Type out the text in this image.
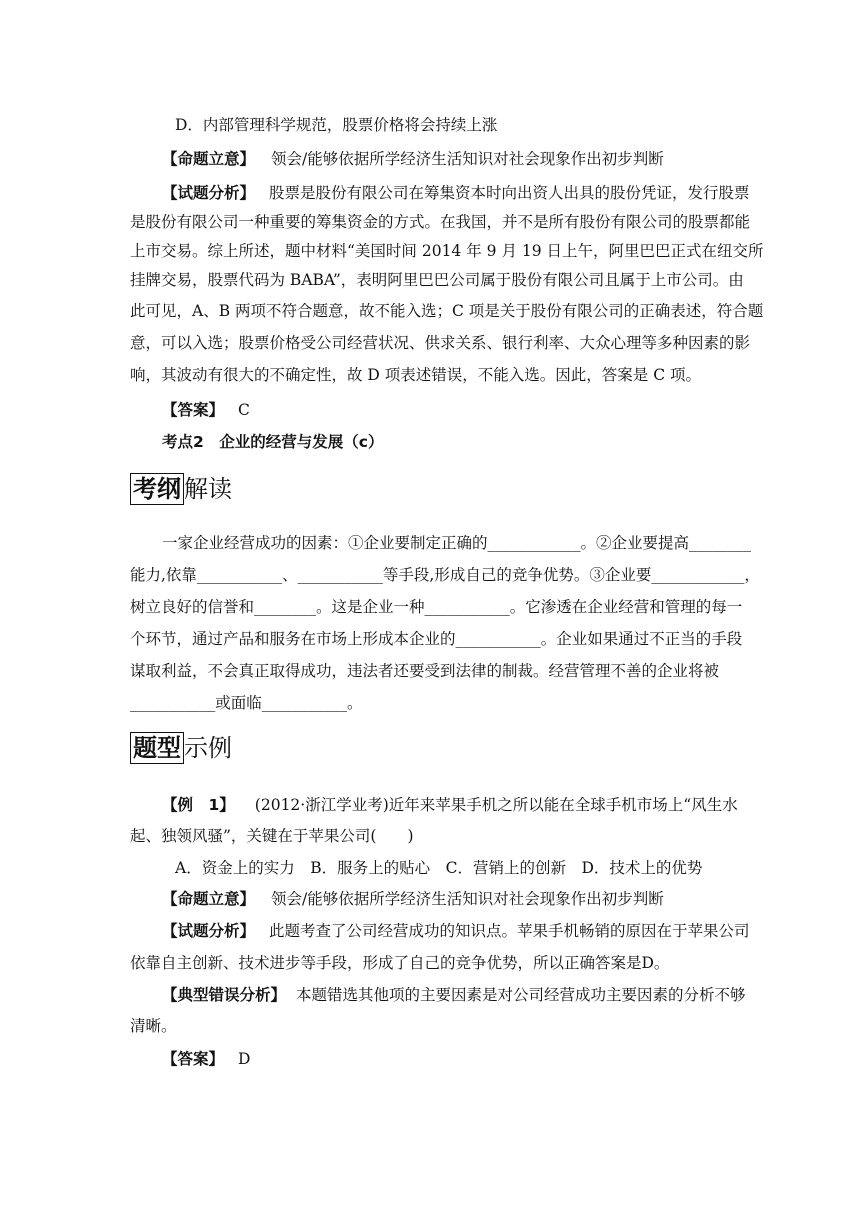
D．内部管理科学规范，股票价格将会持续上涨
【命题立意】 领会/能够依据所学经济生活知识对社会现象作出初步判断
【试题分析】 股票是股份有限公司在筹集资本时向出资人出具的股份凭证，发行股票
是股份有限公司一种重要的筹集资金的方式。在我国，并不是所有股份有限公司的股票都能
上市交易。综上所述，题中材料“美国时间 2014 年 9 月 19 日上午，阿里巴巴正式在纽交所
挂牌交易，股票代码为 BABA”，表明阿里巴巴公司属于股份有限公司且属于上市公司。由
此可见，A、B 两项不符合题意，故不能入选；C 项是关于股份有限公司的正确表述，符合题
意，可以入选；股票价格受公司经营状况、供求关系、银行利率、大众心理等多种因素的影
响，其波动有很大的不确定性，故 D 项表述错误，不能入选。因此，答案是 C 项。
【答案】 C
考点2　企业的经营与发展（c）
考纲 解读
一家企业经营成功的因素：①企业要制定正确的____________。②企业要提高________
能力,依靠___________、___________等手段,形成自己的竞争优势。③企业要____________，
树立良好的信誉和________。这是企业一种___________。它渗透在企业经营和管理的每一
个环节，通过产品和服务在市场上形成本企业的___________。企业如果通过不正当的手段
谋取利益，不会真正取得成功，违法者还要受到法律的制裁。经营管理不善的企业将被
___________或面临___________。
题型 示例
【例　1】 (2012·浙江学业考)近年来苹果手机之所以能在全球手机市场上“风生水
起、独领风骚”，关键在于苹果公司(　　)
A．资金上的实力　B．服务上的贴心　C．营销上的创新　D．技术上的优势
【命题立意】 领会/能够依据所学经济生活知识对社会现象作出初步判断
【试题分析】 此题考查了公司经营成功的知识点。苹果手机畅销的原因在于苹果公司
依靠自主创新、技术进步等手段，形成了自己的竞争优势，所以正确答案是D。
【典型错误分析】 本题错选其他项的主要因素是对公司经营成功主要因素的分析不够
清晰。
【答案】 D
